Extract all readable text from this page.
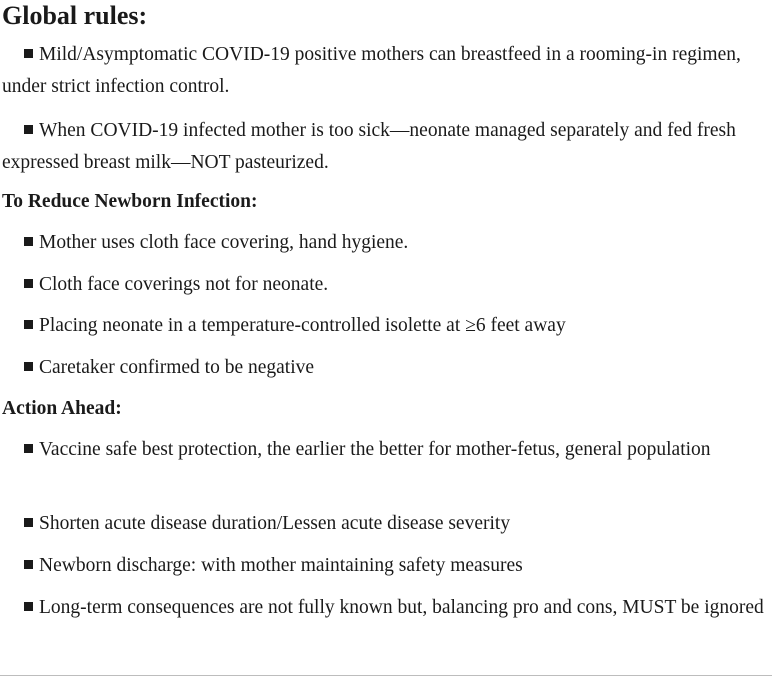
Global rules:
Mild/Asymptomatic COVID-19 positive mothers can breastfeed in a rooming-in regimen, under strict infection control.
When COVID-19 infected mother is too sick—neonate managed separately and fed fresh expressed breast milk—NOT pasteurized.
To Reduce Newborn Infection:
Mother uses cloth face covering, hand hygiene.
Cloth face coverings not for neonate.
Placing neonate in a temperature-controlled isolette at ≥6 feet away
Caretaker confirmed to be negative
Action Ahead:
Vaccine safe best protection, the earlier the better for mother-fetus, general population
Shorten acute disease duration/Lessen acute disease severity
Newborn discharge: with mother maintaining safety measures
Long-term consequences are not fully known but, balancing pro and cons, MUST be ignored
